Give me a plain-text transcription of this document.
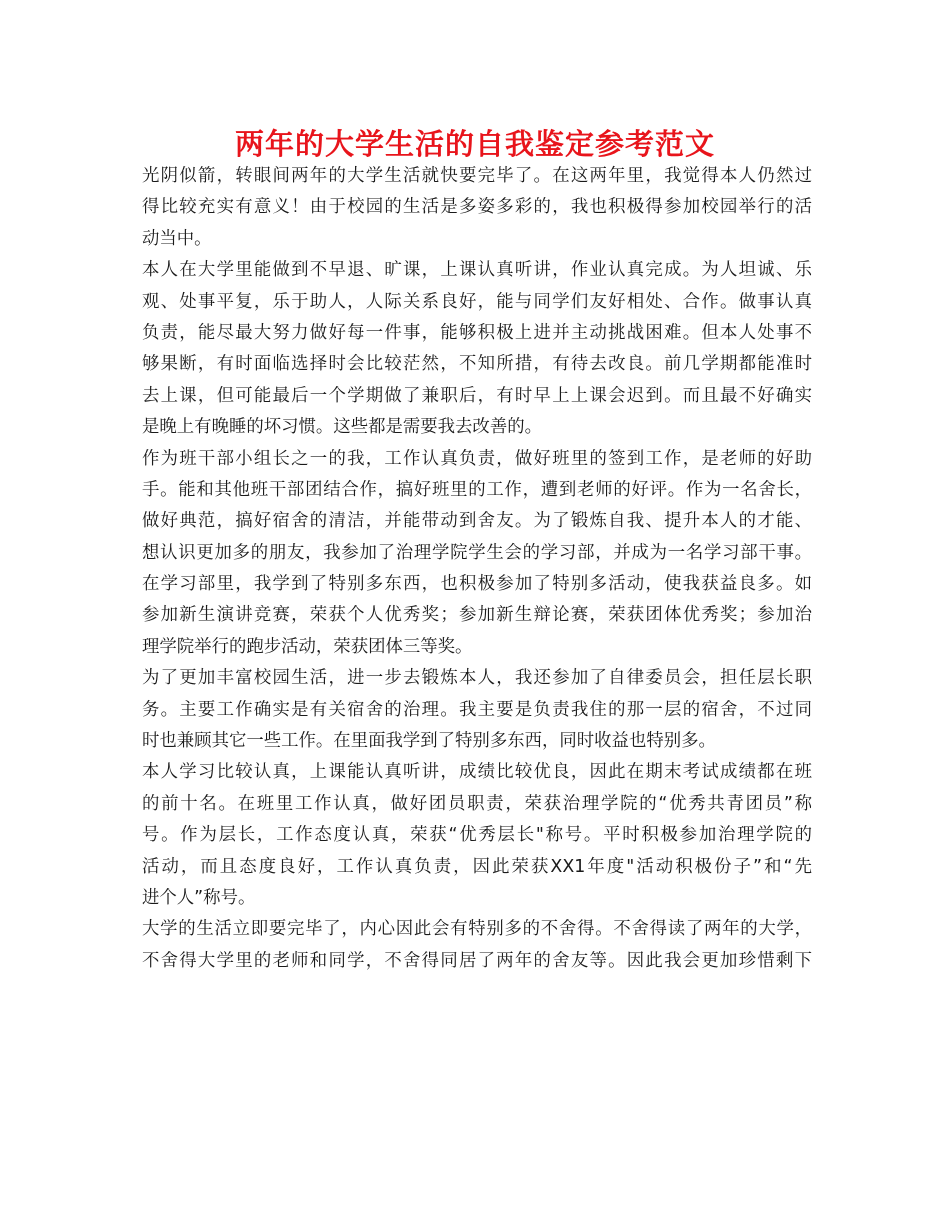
两年的大学生活的自我鉴定参考范文
光阴似箭，转眼间两年的大学生活就快要完毕了。在这两年里，我觉得本人仍然过
得比较充实有意义！由于校园的生活是多姿多彩的，我也积极得参加校园举行的活
动当中。
本人在大学里能做到不早退、旷课，上课认真听讲，作业认真完成。为人坦诚、乐
观、处事平复，乐于助人，人际关系良好，能与同学们友好相处、合作。做事认真
负责，能尽最大努力做好每一件事，能够积极上进并主动挑战困难。但本人处事不
够果断，有时面临选择时会比较茫然，不知所措，有待去改良。前几学期都能准时
去上课，但可能最后一个学期做了兼职后，有时早上上课会迟到。而且最不好确实
是晚上有晚睡的坏习惯。这些都是需要我去改善的。
作为班干部小组长之一的我，工作认真负责，做好班里的签到工作，是老师的好助
手。能和其他班干部团结合作，搞好班里的工作，遭到老师的好评。作为一名舍长，
做好典范，搞好宿舍的清洁，并能带动到舍友。为了锻炼自我、提升本人的才能、
想认识更加多的朋友，我参加了治理学院学生会的学习部，并成为一名学习部干事。
在学习部里，我学到了特别多东西，也积极参加了特别多活动，使我获益良多。如
参加新生演讲竞赛，荣获个人优秀奖；参加新生辩论赛，荣获团体优秀奖；参加治
理学院举行的跑步活动，荣获团体三等奖。
为了更加丰富校园生活，进一步去锻炼本人，我还参加了自律委员会，担任层长职
务。主要工作确实是有关宿舍的治理。我主要是负责我住的那一层的宿舍，不过同
时也兼顾其它一些工作。在里面我学到了特别多东西，同时收益也特别多。
本人学习比较认真，上课能认真听讲，成绩比较优良，因此在期末考试成绩都在班
的前十名。在班里工作认真，做好团员职责，荣获治理学院的“优秀共青团员”称
号。作为层长，工作态度认真，荣获“优秀层长"称号。平时积极参加治理学院的
活动，而且态度良好，工作认真负责，因此荣获XX1年度"活动积极份子”和“先
进个人”称号。
大学的生活立即要完毕了，内心因此会有特别多的不舍得。不舍得读了两年的大学，
不舍得大学里的老师和同学，不舍得同居了两年的舍友等。因此我会更加珍惜剩下
